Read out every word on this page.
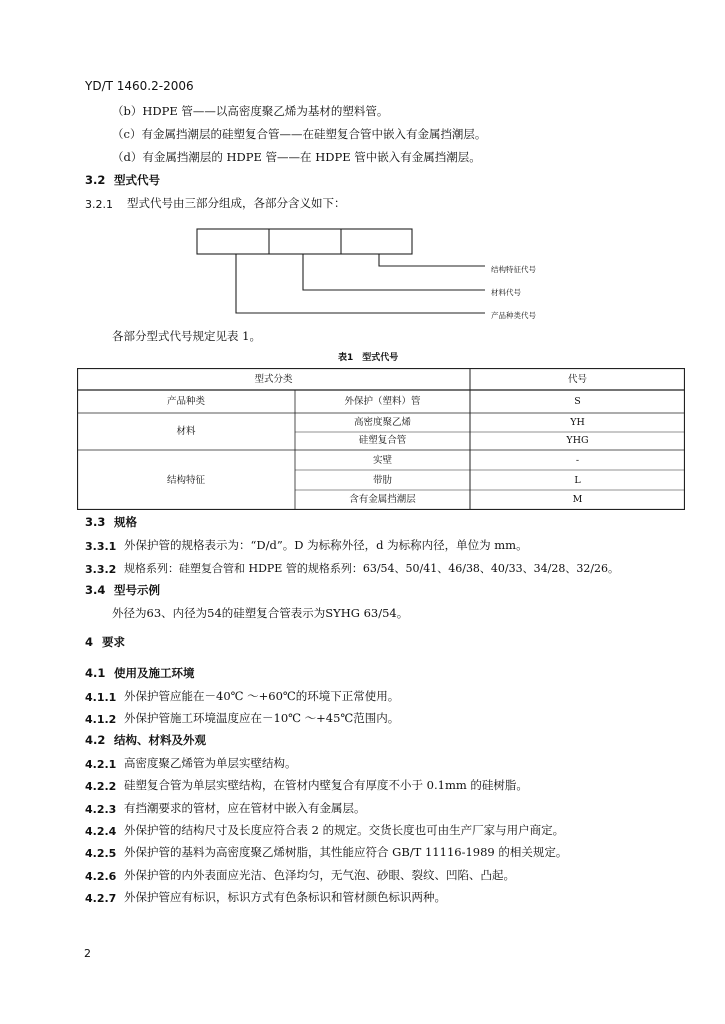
YD/T 1460.2-2006
（b）HDPE 管——以高密度聚乙烯为基材的塑料管。
（c）有金属挡潮层的硅塑复合管——在硅塑复合管中嵌入有金属挡潮层。
（d）有金属挡潮层的 HDPE 管——在 HDPE 管中嵌入有金属挡潮层。
3.2 型式代号
3.2.1 型式代号由三部分组成，各部分含义如下：
结构特征代号
材料代号
产品种类代号
各部分型式代号规定见表 1。
表1　型式代号
型式分类	代号
产品种类	外保护（塑料）管	S
材料
高密度聚乙烯	YH
硅塑复合管	YHG
结构特征
实壁	-
带肋	L
含有金属挡潮层	M
3.3 规格
3.3.1 外保护管的规格表示为：“D/d”。D 为标称外径，d 为标称内径，单位为 mm。
3.3.2 规格系列：硅塑复合管和 HDPE 管的规格系列：63/54、50/41、46/38、40/33、34/28、32/26。
3.4 型号示例
外径为63、内径为54的硅塑复合管表示为SYHG 63/54。
4 要求
4.1 使用及施工环境
4.1.1 外保护管应能在－40℃ ～+60℃的环境下正常使用。
4.1.2 外保护管施工环境温度应在－10℃ ～+45℃范围内。
4.2 结构、材料及外观
4.2.1 高密度聚乙烯管为单层实壁结构。
4.2.2 硅塑复合管为单层实壁结构，在管材内壁复合有厚度不小于 0.1mm 的硅树脂。
4.2.3 有挡潮要求的管材，应在管材中嵌入有金属层。
4.2.4 外保护管的结构尺寸及长度应符合表 2 的规定。交货长度也可由生产厂家与用户商定。
4.2.5 外保护管的基料为高密度聚乙烯树脂，其性能应符合 GB/T 11116-1989 的相关规定。
4.2.6 外保护管的内外表面应光洁、色泽均匀，无气泡、砂眼、裂纹、凹陷、凸起。
4.2.7 外保护管应有标识，标识方式有色条标识和管材颜色标识两种。
2
